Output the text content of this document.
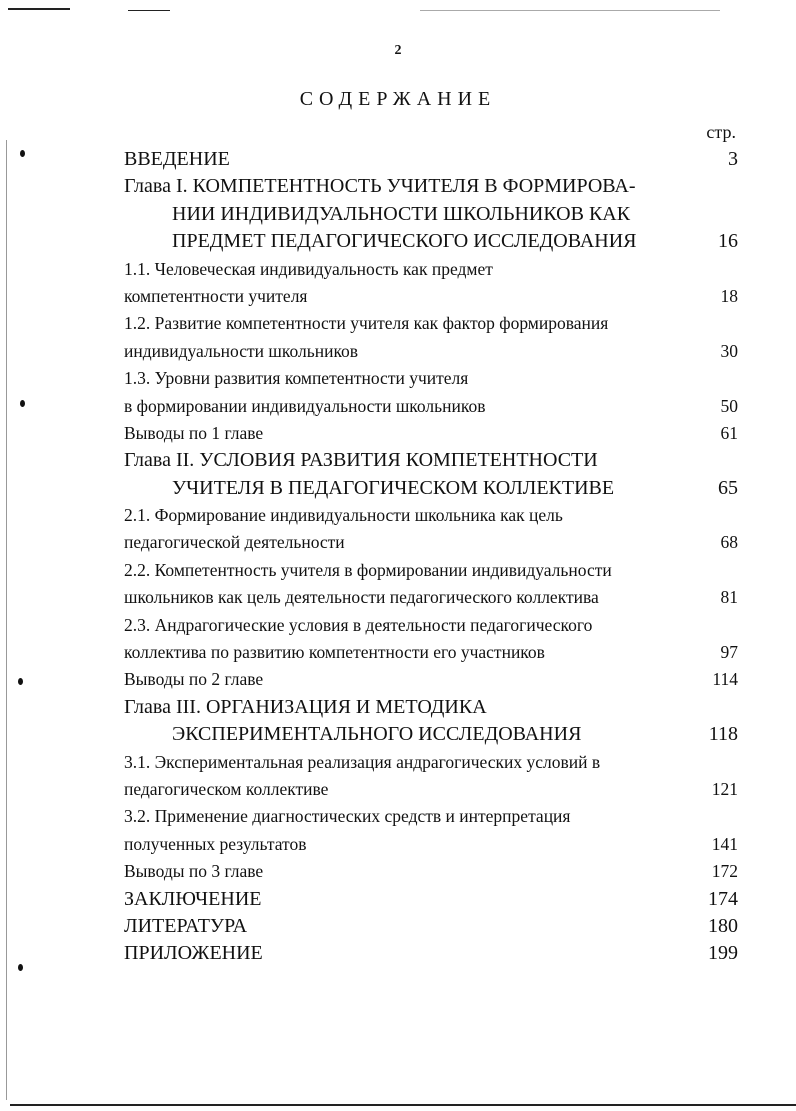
2
СОДЕРЖАНИЕ
стр.
ВВЕДЕНИЕ	3
Глава I. КОМПЕТЕНТНОСТЬ УЧИТЕЛЯ В ФОРМИРОВА-
НИИ ИНДИВИДУАЛЬНОСТИ ШКОЛЬНИКОВ КАК
ПРЕДМЕТ ПЕДАГОГИЧЕСКОГО ИССЛЕДОВАНИЯ	16
1.1. Человеческая индивидуальность как предмет
компетентности учителя	18
1.2. Развитие компетентности учителя как фактор формирования
индивидуальности школьников	30
1.3. Уровни развития компетентности учителя
в формировании индивидуальности школьников	50
Выводы по 1 главе	61
Глава II. УСЛОВИЯ РАЗВИТИЯ КОМПЕТЕНТНОСТИ
УЧИТЕЛЯ В ПЕДАГОГИЧЕСКОМ КОЛЛЕКТИВЕ	65
2.1. Формирование индивидуальности школьника как цель
педагогической деятельности	68
2.2. Компетентность учителя в формировании индивидуальности
школьников как цель деятельности педагогического коллектива	81
2.3. Андрагогические условия в деятельности педагогического
коллектива по развитию компетентности его участников	97
Выводы по 2 главе	114
Глава III. ОРГАНИЗАЦИЯ И МЕТОДИКА
ЭКСПЕРИМЕНТАЛЬНОГО ИССЛЕДОВАНИЯ	118
3.1. Экспериментальная реализация андрагогических условий в
педагогическом коллективе	121
3.2. Применение диагностических средств и интерпретация
полученных результатов	141
Выводы по 3 главе	172
ЗАКЛЮЧЕНИЕ	174
ЛИТЕРАТУРА	180
ПРИЛОЖЕНИЕ	199
